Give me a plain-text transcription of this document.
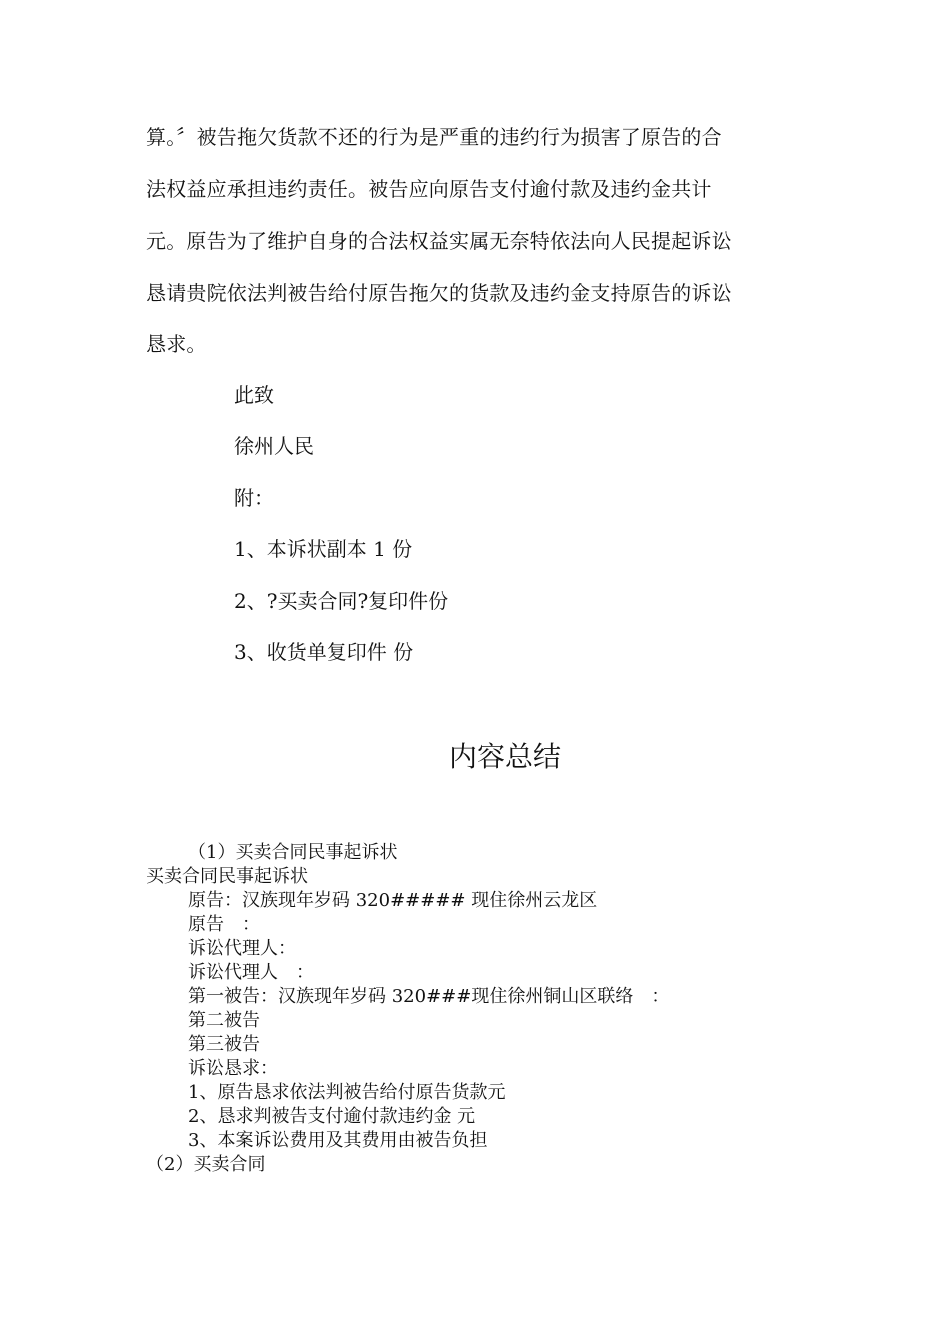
算。〞被告拖欠货款不还的行为是严重的违约行为损害了原告的合
法权益应承担违约责任。被告应向原告支付逾付款及违约金共计
元。原告为了维护自身的合法权益实属无奈特依法向人民提起诉讼
恳请贵院依法判被告给付原告拖欠的货款及违约金支持原告的诉讼
恳求。
此致
徐州人民
附：
1、本诉状副本 1 份
2、?买卖合同?复印件份
3、收货单复印件 份
内容总结
（1）买卖合同民事起诉状
买卖合同民事起诉状
原告：汉族现年岁码 320##### 现住徐州云龙区
原告　：
诉讼代理人：
诉讼代理人　：
第一被告：汉族现年岁码 320###现住徐州铜山区联络　：
第二被告
第三被告
诉讼恳求：
1、原告恳求依法判被告给付原告货款元
2、恳求判被告支付逾付款违约金 元
3、本案诉讼费用及其费用由被告负担
（2）买卖合同
